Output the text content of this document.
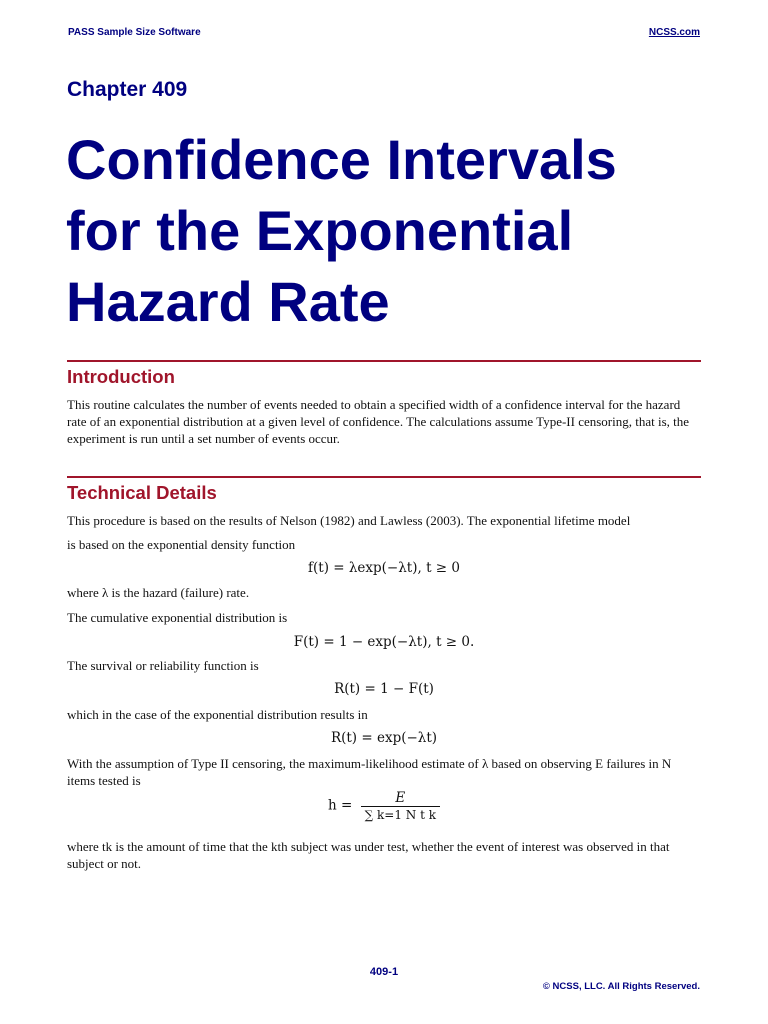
PASS Sample Size Software	NCSS.com
Chapter 409
Confidence Intervals
for the Exponential
Hazard Rate
Introduction
This routine calculates the number of events needed to obtain a specified width of a confidence interval for the hazard rate of an exponential distribution at a given level of confidence. The calculations assume Type-II censoring, that is, the experiment is run until a set number of events occur.
Technical Details
This procedure is based on the results of Nelson (1982) and Lawless (2003). The exponential lifetime model
is based on the exponential density function
f(t) = λexp(−λt), t ≥ 0
where λ is the hazard (failure) rate.
The cumulative exponential distribution is
F(t) = 1 − exp(−λt), t ≥ 0.
The survival or reliability function is
R(t) = 1 − F(t)
which in the case of the exponential distribution results in
R(t) = exp(−λt)
With the assumption of Type II censoring, the maximum-likelihood estimate of λ based on observing E failures in N items tested is
$h = \frac{E}{\text{∑ k=1 N t k}}$
where tk is the amount of time that the kth subject was under test, whether the event of interest was observed in that subject or not.
409-1
© NCSS, LLC. All Rights Reserved.
